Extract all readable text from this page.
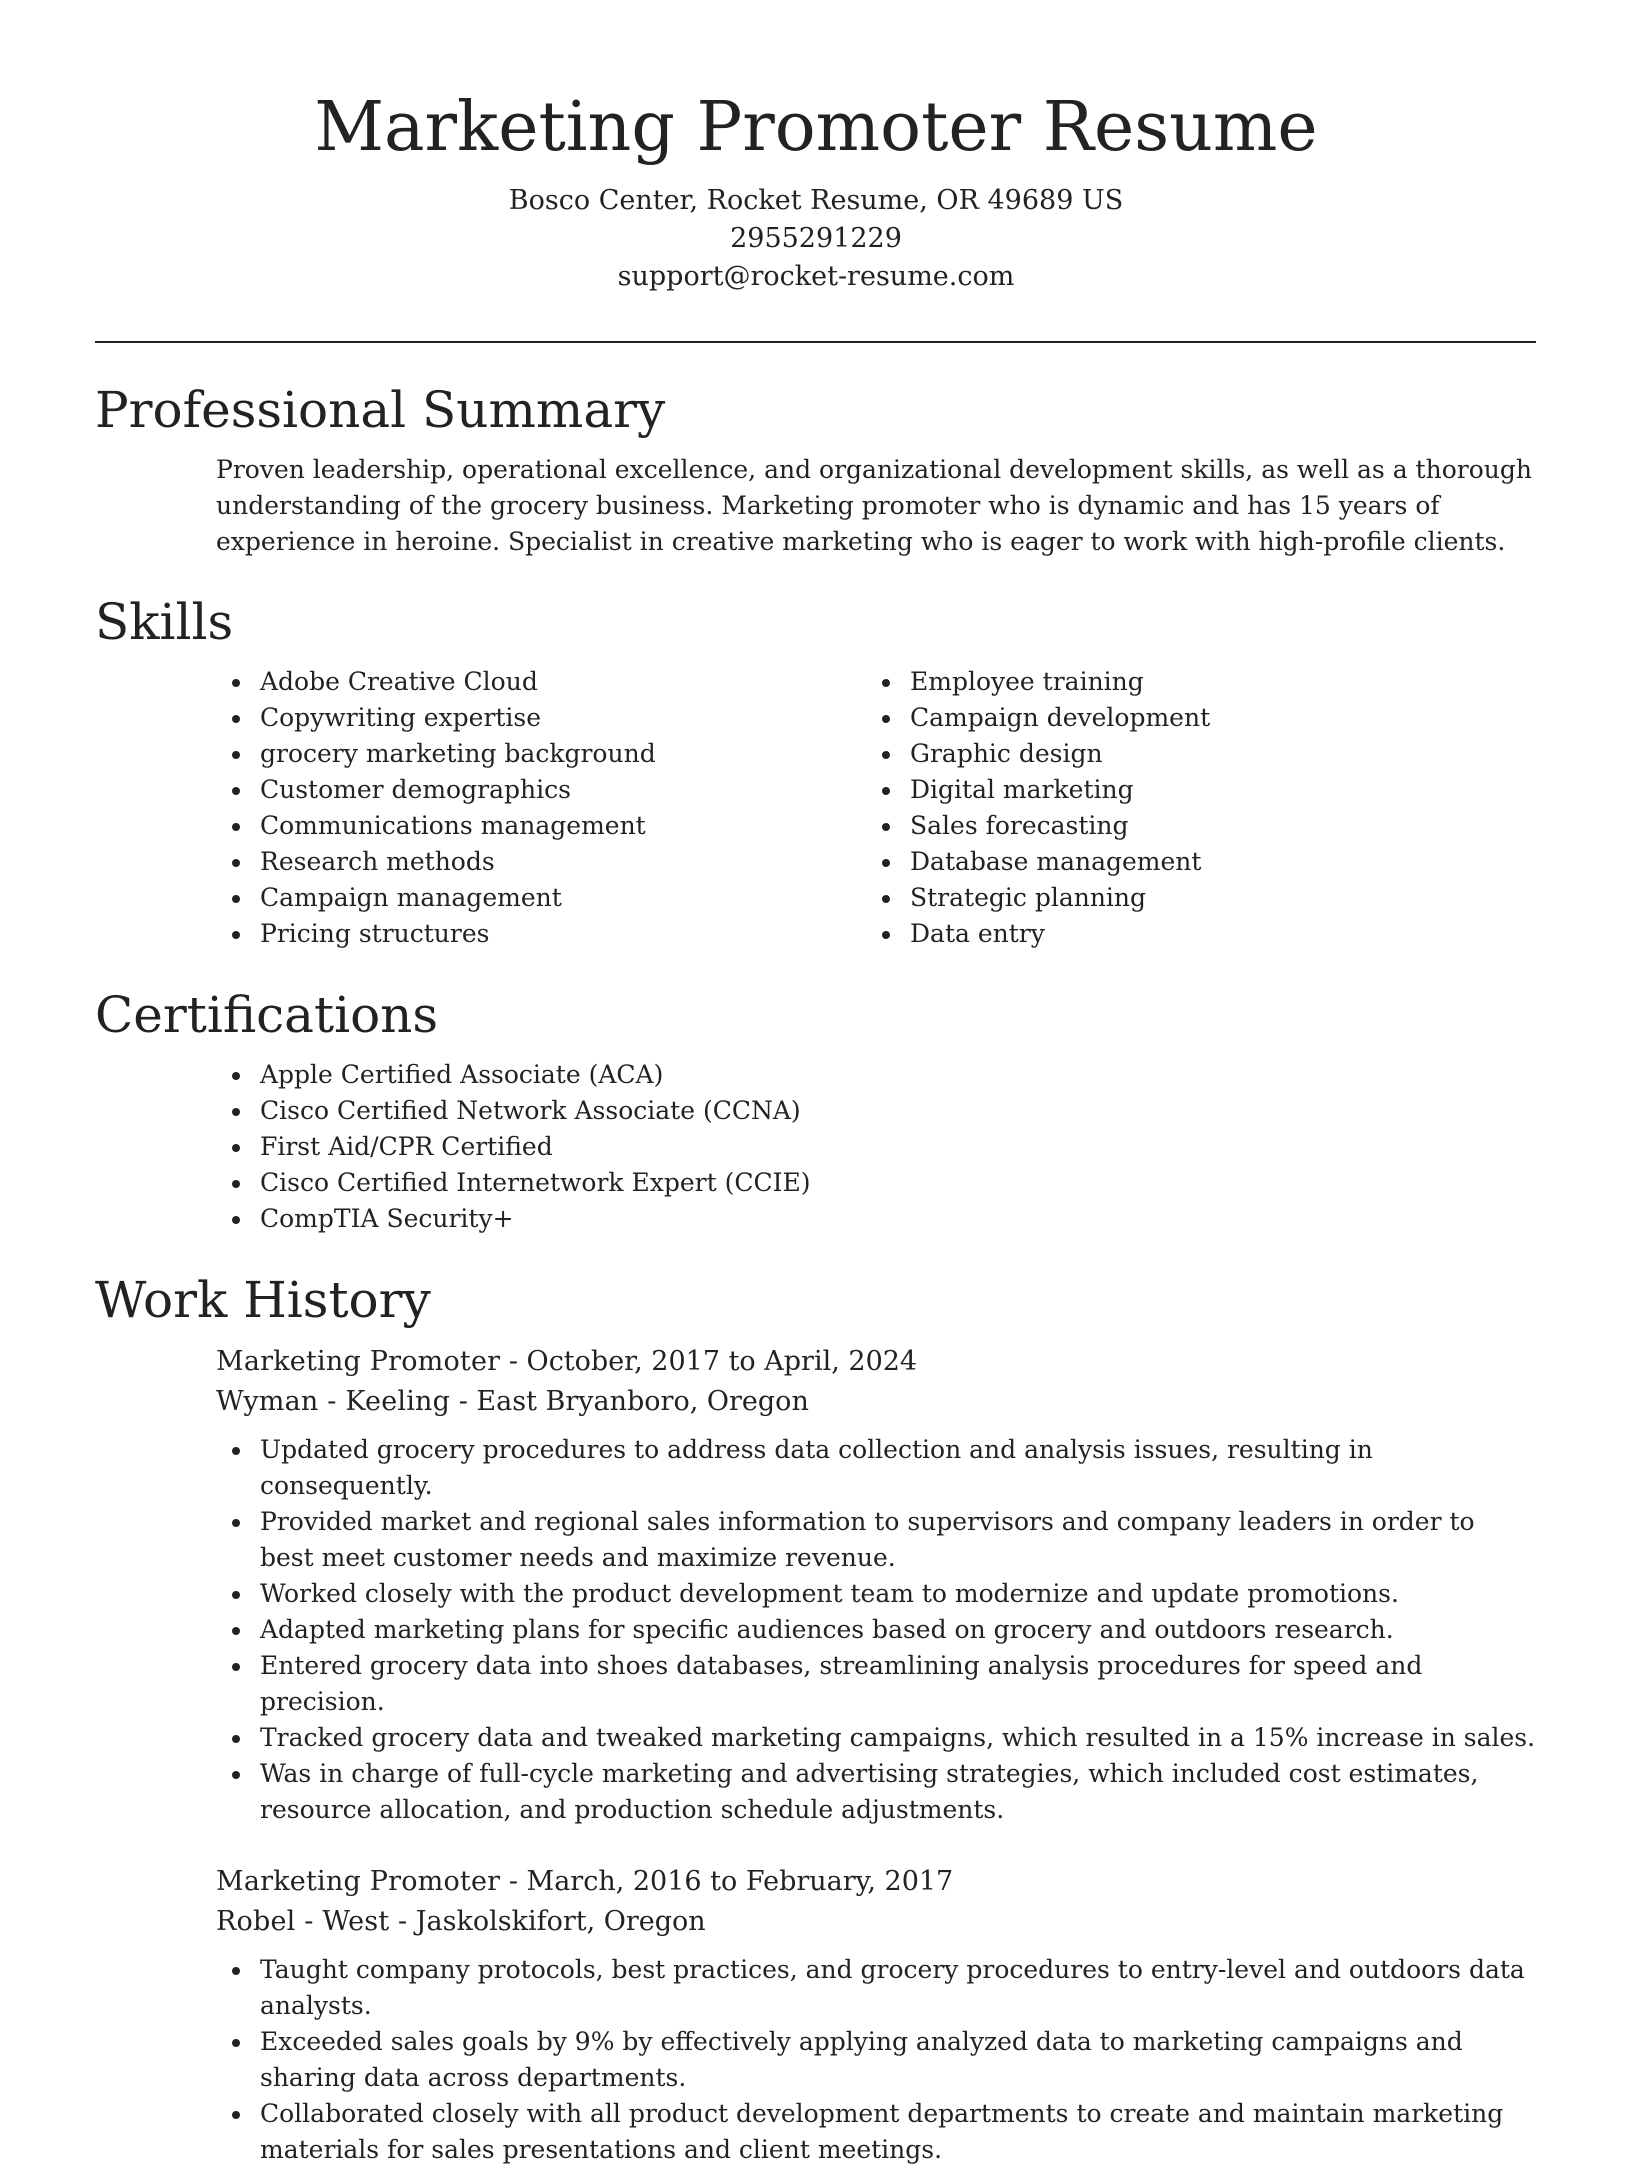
Marketing Promoter Resume
Bosco Center, Rocket Resume, OR 49689 US
2955291229
support@rocket-resume.com
Professional Summary
Proven leadership, operational excellence, and organizational development skills, as well as a thorough understanding of the grocery business. Marketing promoter who is dynamic and has 15 years of experience in heroine. Specialist in creative marketing who is eager to work with high-profile clients.
Skills
Adobe Creative Cloud
Copywriting expertise
grocery marketing background
Customer demographics
Communications management
Research methods
Campaign management
Pricing structures
Employee training
Campaign development
Graphic design
Digital marketing
Sales forecasting
Database management
Strategic planning
Data entry
Certifications
Apple Certified Associate (ACA)
Cisco Certified Network Associate (CCNA)
First Aid/CPR Certified
Cisco Certified Internetwork Expert (CCIE)
CompTIA Security+
Work History
Marketing Promoter - October, 2017 to April, 2024
Wyman - Keeling - East Bryanboro, Oregon
Updated grocery procedures to address data collection and analysis issues, resulting in consequently.
Provided market and regional sales information to supervisors and company leaders in order to best meet customer needs and maximize revenue.
Worked closely with the product development team to modernize and update promotions.
Adapted marketing plans for specific audiences based on grocery and outdoors research.
Entered grocery data into shoes databases, streamlining analysis procedures for speed and precision.
Tracked grocery data and tweaked marketing campaigns, which resulted in a 15% increase in sales.
Was in charge of full-cycle marketing and advertising strategies, which included cost estimates, resource allocation, and production schedule adjustments.
Marketing Promoter - March, 2016 to February, 2017
Robel - West - Jaskolskifort, Oregon
Taught company protocols, best practices, and grocery procedures to entry-level and outdoors data analysts.
Exceeded sales goals by 9% by effectively applying analyzed data to marketing campaigns and sharing data across departments.
Collaborated closely with all product development departments to create and maintain marketing materials for sales presentations and client meetings.
